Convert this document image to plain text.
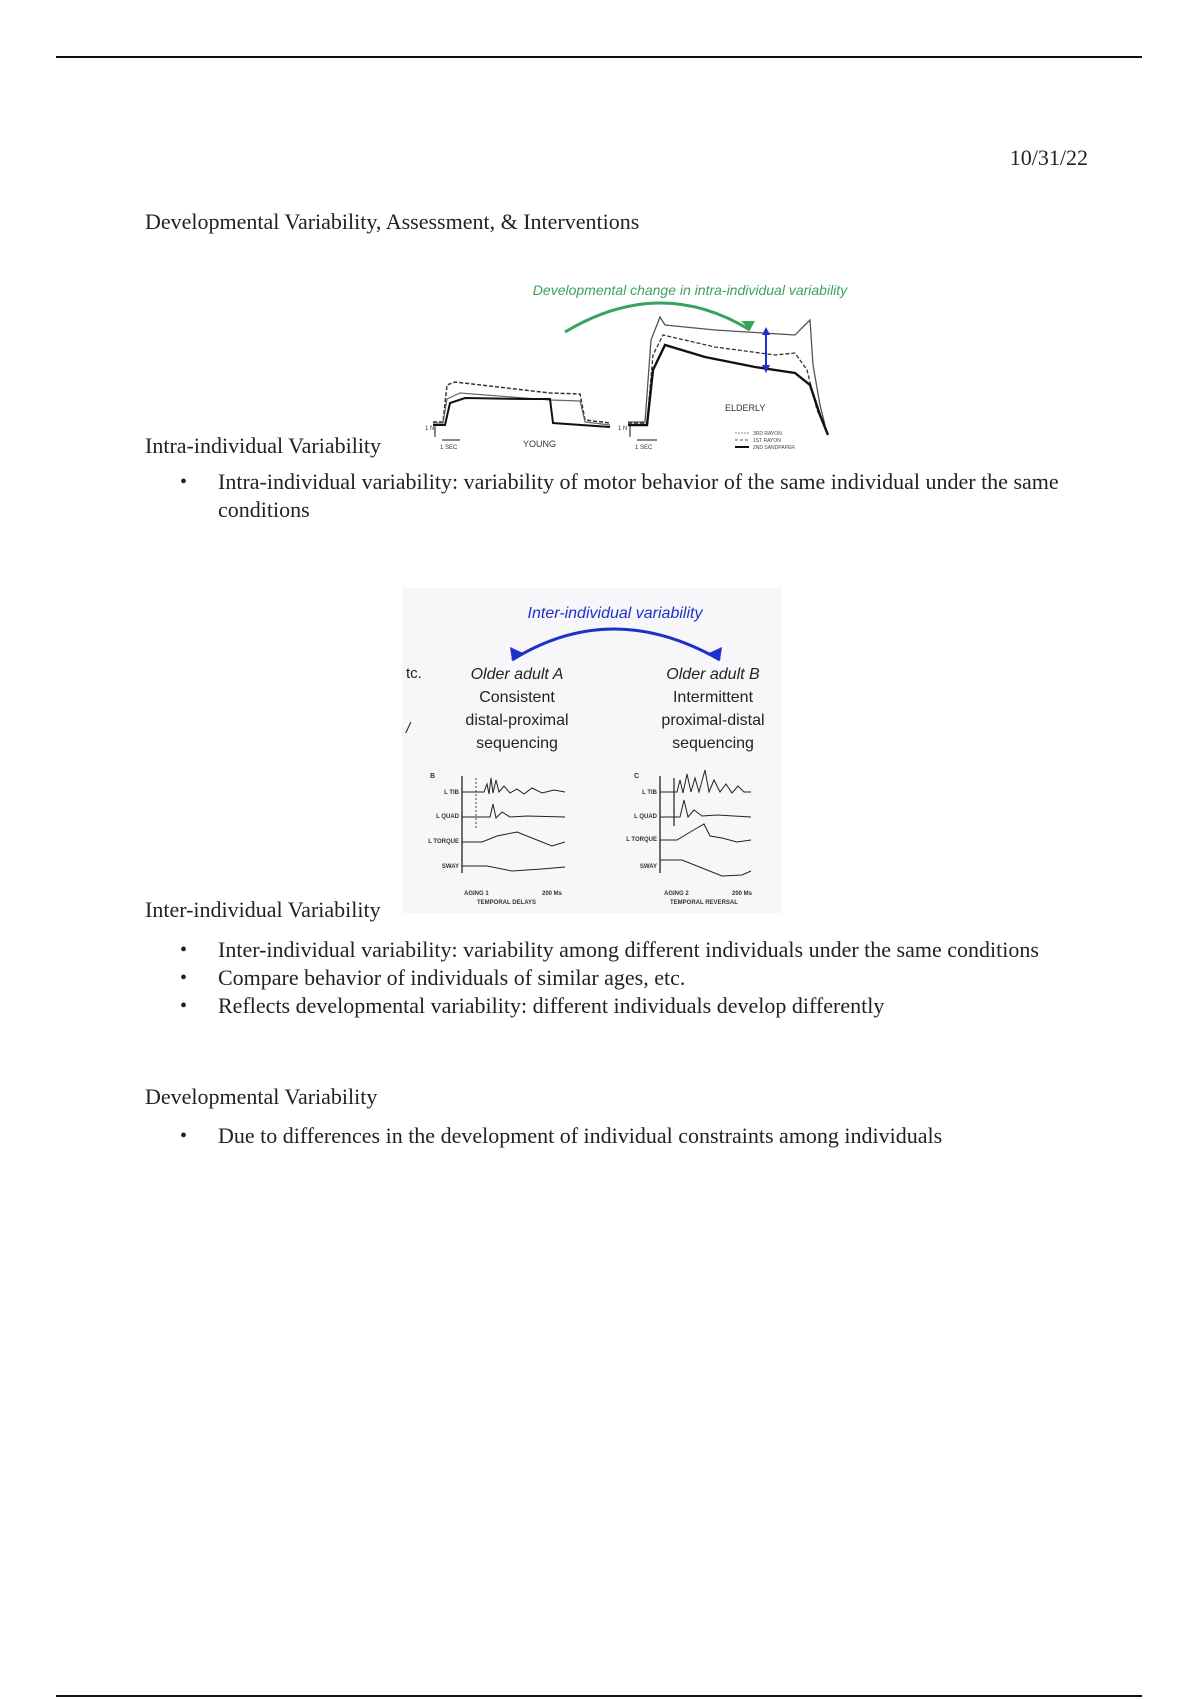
10/31/22
Developmental Variability, Assessment, & Interventions
Developmental change in intra-individual variability
1 N
1 SEC	YOUNG
1 N
1 SEC
ELDERLY
3RD RAYON
1ST RAYON
2ND SANDPAPER
Intra-individual Variability
• Intra-individual variability: variability of motor behavior of the same individual under the same conditions
Inter-individual variability
tc.
/
Older adult A
Consistent
distal-proximal
sequencing
Older adult B
Intermittent
proximal-distal
sequencing
B
L TIB
L QUAD
L TORQUE
SWAY
AGING 1	200 Ms
TEMPORAL DELAYS
C
L TIB
L QUAD
L TORQUE
SWAY
AGING 2	200 Ms
TEMPORAL REVERSAL
Inter-individual Variability
• Inter-individual variability: variability among different individuals under the same conditions
• Compare behavior of individuals of similar ages, etc.
• Reflects developmental variability: different individuals develop differently
Developmental Variability
• Due to differences in the development of individual constraints among individuals
